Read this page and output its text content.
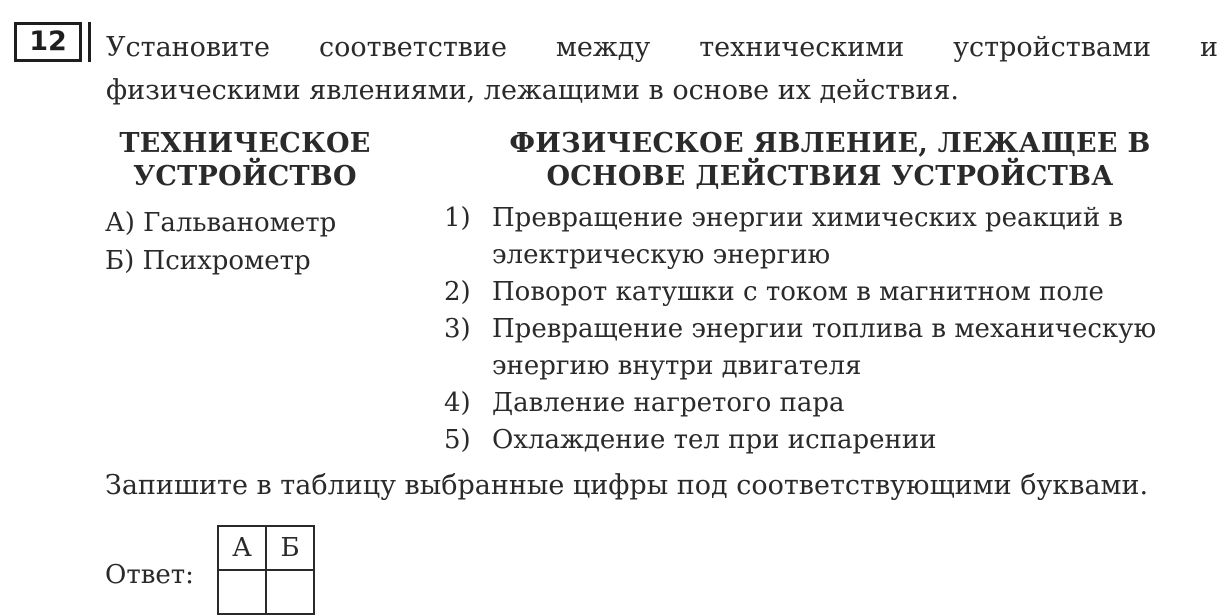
12	Установите соответствие между техническими устройствами и физическими явлениями, лежащими в основе их действия.

ТЕХНИЧЕСКОЕ
УСТРОЙСТВО
ФИЗИЧЕСКОЕ ЯВЛЕНИЕ, ЛЕЖАЩЕЕ В
ОСНОВЕ ДЕЙСТВИЯ УСТРОЙСТВА
А) Гальванометр
Б) Психрометр
1) Превращение энергии химических реакций в электрическую энергию
2) Поворот катушки с током в магнитном поле
3) Превращение энергии топлива в механическую энергию внутри двигателя
4) Давление нагретого пара
5) Охлаждение тел при испарении

Запишите в таблицу выбранные цифры под соответствующими буквами.

Ответ:

А	Б
